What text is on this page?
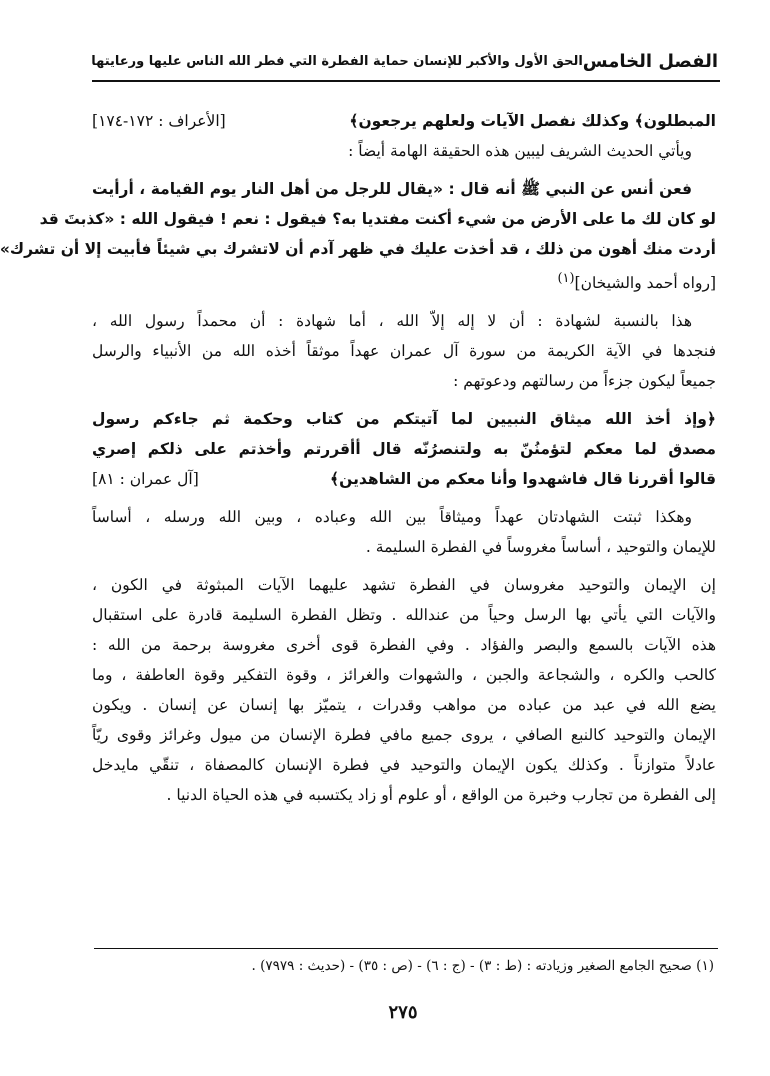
الفصل الخامس
الحق الأول والأكبر للإنسان حماية الفطرة التي فطر الله الناس عليها ورعايتها
المبطلون﴾ وكذلك نفصل الآيات ولعلهم يرجعون﴾
[الأعراف : ١٧٢-١٧٤]
ويأتي الحديث الشريف ليبين هذه الحقيقة الهامة أيضاً :
فعن أنس عن النبي ﷺ أنه قال : «يقال للرجل من أهل النار يوم القيامة ، أرأيت
لو كان لك ما على الأرض من شيء أكنت مفتديا به؟ فيقول : نعم ! فيقول الله : «كذبتَ قد
أردت منك أهون من ذلك ، قد أخذت عليك في ظهر آدم أن لاتشرك بي شيئاً فأبيت إلا أن تشرك»
[رواه أحمد والشيخان]$^{(١)}$
هذا بالنسبة لشهادة : أن لا إله إلاّ الله ، أما شهادة : أن محمداً رسول الله ،
فنجدها في الآية الكريمة من سورة آل عمران عهداً موثقاً أخذه الله من الأنبياء والرسل
جميعاً ليكون جزءاً من رسالتهم ودعوتهم :
﴿وإذ أخذ الله ميثاق النبيين لما آتيتكم من كتاب وحكمة ثم جاءكم رسول
مصدق لما معكم لتؤمنُنّ به ولتنصرُنّه قال أأقررتم وأخذتم على ذلكم إصري
قالوا أقررنا قال فاشهدوا وأنا معكم من الشاهدين﴾
[آل عمران : ٨١]
وهكذا ثبتت الشهادتان عهداً وميثاقاً بين الله وعباده ، وبين الله ورسله ، أساساً
للإيمان والتوحيد ، أساساً مغروساً في الفطرة السليمة .
إن الإيمان والتوحيد مغروسان في الفطرة تشهد عليهما الآيات المبثوثة في الكون ،
والآيات التي يأتي بها الرسل وحياً من عندالله . وتظل الفطرة السليمة قادرة على استقبال
هذه الآيات بالسمع والبصر والفؤاد . وفي الفطرة قوى أخرى مغروسة برحمة من الله :
كالحب والكره ، والشجاعة والجبن ، والشهوات والغرائز ، وقوة التفكير وقوة العاطفة ، وما
يضع الله في عبد من عباده من مواهب وقدرات ، يتميّز بها إنسان عن إنسان . ويكون
الإيمان والتوحيد كالنبع الصافي ، يروى جميع مافي فطرة الإنسان من ميول وغرائز وقوى ريّاً
عادلاً متوازناً . وكذلك يكون الإيمان والتوحيد في فطرة الإنسان كالمصفاة ، تنقّي مايدخل
إلى الفطرة من تجارب وخبرة من الواقع ، أو علوم أو زاد يكتسبه في هذه الحياة الدنيا .
(١) صحيح الجامع الصغير وزيادته : (ط : ٣) - (ج : ٦) - (ص : ٣٥) - (حديث : ٧٩٧٩) .
٢٧٥
